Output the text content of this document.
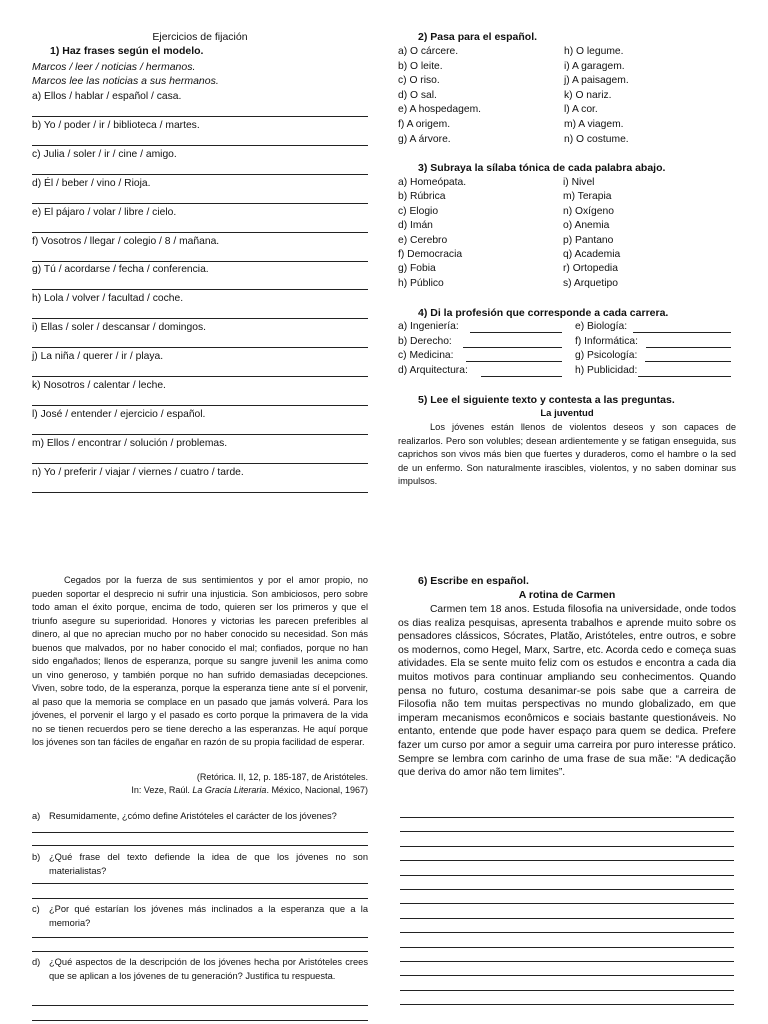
Ejercicios de fijación
1) Haz frases según el modelo.
Marcos / leer / noticias / hermanos.
Marcos lee las noticias a sus hermanos.
a) Ellos / hablar / español / casa.
b) Yo / poder / ir / biblioteca / martes.
c) Julia / soler / ir / cine / amigo.
d) Él / beber / vino / Rioja.
e) El pájaro / volar / libre / cielo.
f) Vosotros / llegar / colegio / 8 / mañana.
g) Tú / acordarse / fecha / conferencia.
h) Lola / volver / facultad / coche.
i) Ellas / soler / descansar / domingos.
j) La niña / querer / ir / playa.
k) Nosotros / calentar / leche.
l) José / entender / ejercicio / español.
m) Ellos / encontrar / solución / problemas.
n) Yo / preferir / viajar / viernes / cuatro / tarde.
2) Pasa para el español.
a) O cárcere.
b) O leite.
c) O riso.
d) O sal.
e) A hospedagem.
f) A origem.
g) A árvore.
h) O legume.
i) A garagem.
j) A paisagem.
k) O nariz.
l) A cor.
m) A viagem.
n) O costume.
3) Subraya la sílaba tónica de cada palabra abajo.
a) Homeópata.
b) Rúbrica
c) Elogio
d) Imán
e) Cerebro
f) Democracia
g) Fobia
h) Público
i) Nivel
m) Terapia
n) Oxígeno
o) Anemia
p) Pantano
q) Academia
r) Ortopedia
s) Arquetipo
4) Di la profesión que corresponde a cada carrera.
a) Ingeniería:
b) Derecho:
c) Medicina:
d) Arquitectura:
e) Biología:
f) Informática:
g) Psicología:
h) Publicidad:
5) Lee el siguiente texto y contesta a las preguntas.
La juventud
Los jóvenes están llenos de violentos deseos y son capaces de realizarlos. Pero son volubles; desean ardientemente y se fatigan enseguida, sus caprichos son vivos más bien que fuertes y duraderos, como el hambre o la sed de un enfermo. Son naturalmente irascibles, violentos, y no saben dominar sus impulsos.
Cegados por la fuerza de sus sentimientos y por el amor propio, no pueden soportar el desprecio ni sufrir una injusticia. Son ambiciosos, pero sobre todo aman el éxito porque, encima de todo, quieren ser los primeros y que el triunfo asegure su superioridad. Honores y victorias les parecen preferibles al dinero, al que no aprecian mucho por no haber conocido su necesidad. Son más buenos que malvados, por no haber conocido el mal; confiados, porque no han sido engañados; llenos de esperanza, porque su sangre juvenil les anima como un vino generoso, y también porque no han sufrido demasiadas decepciones. Viven, sobre todo, de la esperanza, porque la esperanza tiene ante sí el porvenir, al paso que la memoria se complace en un pasado que jamás volverá. Para los jóvenes, el porvenir el largo y el pasado es corto porque la primavera de la vida no se tienen recuerdos pero se tiene derecho a las esperanzas. He aquí porque los jóvenes son tan fáciles de engañar en razón de su propia facilidad de esperar.
(Retórica. II, 12, p. 185-187, de Aristóteles.
In: Veze, Raúl. La Gracia Literaria. México, Nacional, 1967)
a) Resumidamente, ¿cómo define Aristóteles el carácter de los jóvenes?
b) ¿Qué frase del texto defiende la idea de que los jóvenes no son materialistas?
c) ¿Por qué estarían los jóvenes más inclinados a la esperanza que a la memoria?
d) ¿Qué aspectos de la descripción de los jóvenes hecha por Aristóteles crees que se aplican a los jóvenes de tu generación? Justifica tu respuesta.
6) Escribe en español.
A rotina de Carmen
Carmen tem 18 anos. Estuda filosofia na universidade, onde todos os dias realiza pesquisas, apresenta trabalhos e aprende muito sobre os pensadores clássicos, Sócrates, Platão, Aristóteles, entre outros, e sobre os modernos, como Hegel, Marx, Sartre, etc. Acorda cedo e começa suas atividades. Ela se sente muito feliz com os estudos e encontra a cada dia muitos motivos para continuar ampliando seu conhecimentos. Quando pensa no futuro, costuma desanimar-se pois sabe que a carreira de Filosofia não tem muitas perspectivas no mundo globalizado, em que imperam mecanismos econômicos e sociais bastante questionáveis. No entanto, entende que pode haver espaço para quem se dedica. Prefere fazer um curso por amor a seguir uma carreira por puro interesse prático. Sempre se lembra com carinho de uma frase de sua mãe: “A dedicação que deriva do amor não tem limites”.
